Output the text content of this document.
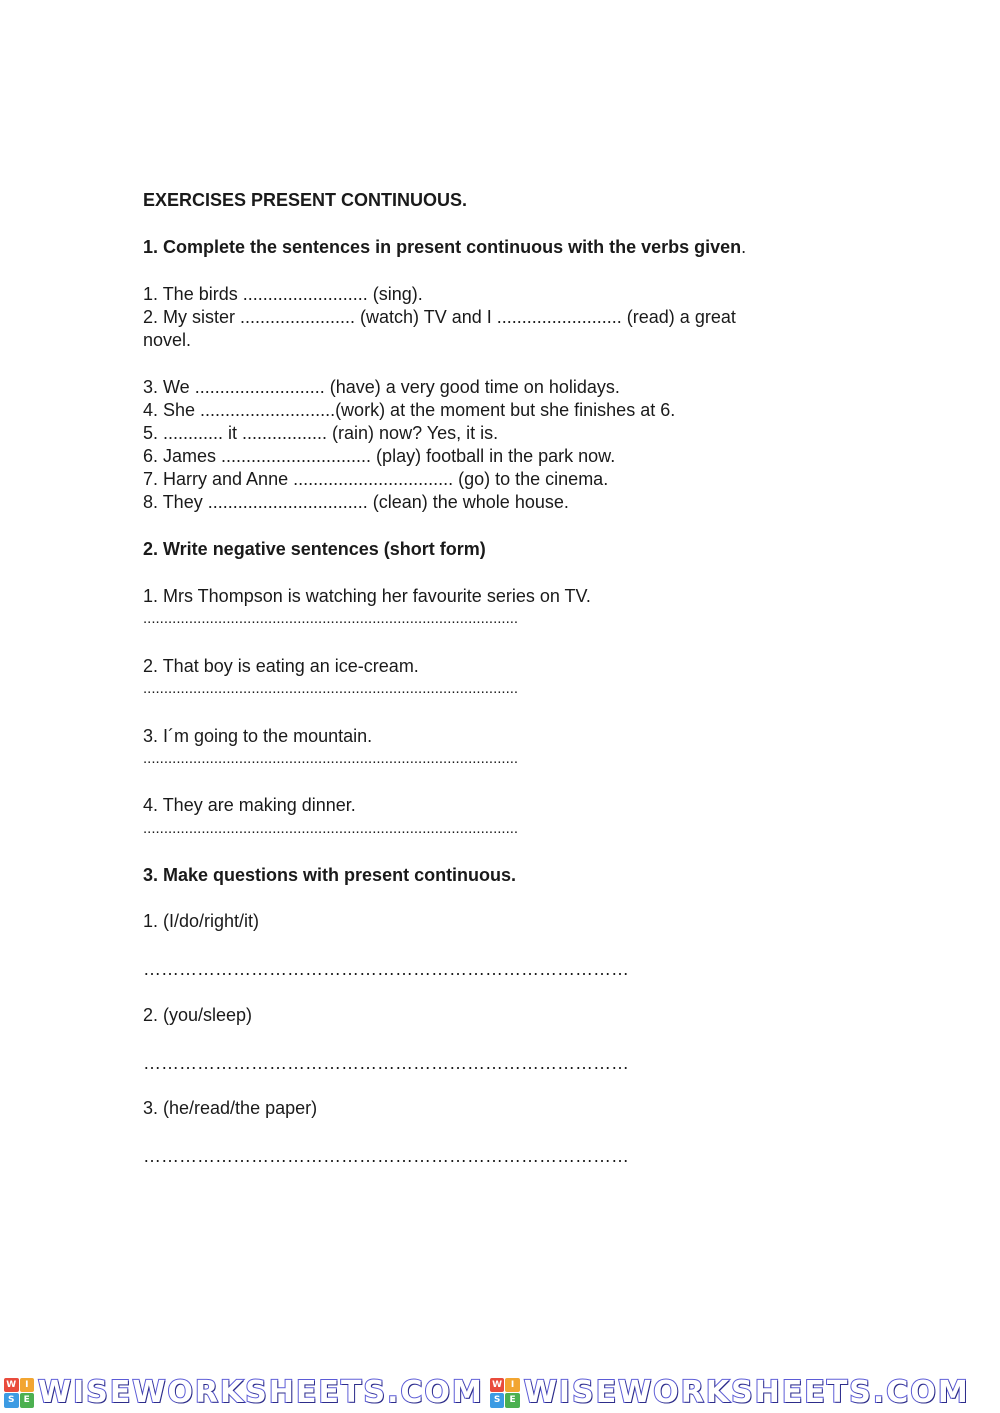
EXERCISES PRESENT CONTINUOUS.
1. Complete the sentences in present continuous with the verbs given.
1. The birds ......................... (sing).
2. My sister ....................... (watch) TV and I ......................... (read) a great
novel.
3. We .......................... (have) a very good time on holidays.
4. She ...........................(work) at the moment but she finishes at 6.
5. ............ it ................. (rain) now? Yes, it is.
6. James .............................. (play) football in the park now.
7. Harry and Anne ................................ (go) to the cinema.
8. They ................................ (clean) the whole house.
2. Write negative sentences (short form)
1. Mrs Thompson is watching her favourite series on TV.
..........................................................................................
2. That boy is eating an ice-cream.
..........................................................................................
3. I´m going to the mountain.
..........................................................................................
4. They are making dinner.
..........................................................................................
3. Make questions with present continuous.
1. (I/do/right/it)
………………………………………………………………………
2. (you/sleep)
………………………………………………………………………
3. (he/read/the paper)
………………………………………………………………………
W I
S	E WISEWORKSHEETS.COM W I
S	E WISEWORKSHEETS.COM
